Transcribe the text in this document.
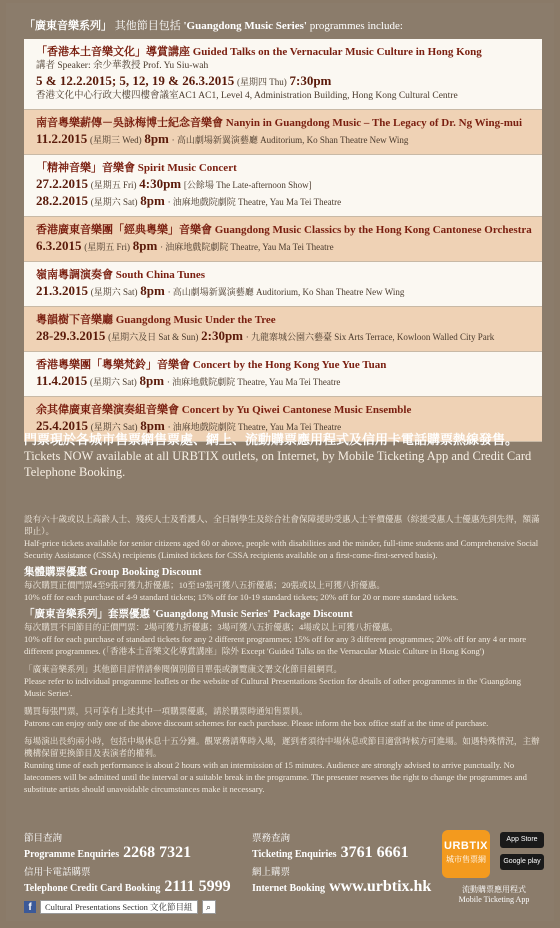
「廣東音樂系列」 其他節目包括 'Guangdong Music Series' programmes include:
「香港本土音樂文化」導賞講座 Guided Talks on the Vernacular Music Culture in Hong Kong
講者 Speaker: 余少華教授 Prof. Yu Siu-wah
5 & 12.2.2015; 5, 12, 19 & 26.3.2015 (星期四 Thu) 7:30pm
香港文化中心行政大樓四樓會議室AC1 AC1, Level 4, Administration Building, Hong Kong Cultural Centre
南音粵樂薪傳－吳詠梅博士紀念音樂會 Nanyin in Guangdong Music – The Legacy of Dr. Ng Wing-mui
11.2.2015 (星期三 Wed) 8pm · 高山劇場新翼演藝廳 Auditorium, Ko Shan Theatre New Wing
「精神音樂」音樂會 Spirit Music Concert
27.2.2015 (星期五 Fri) 4:30pm [公餘場 The Late-afternoon Show]
28.2.2015 (星期六 Sat) 8pm · 油麻地戲院劇院 Theatre, Yau Ma Tei Theatre
香港廣東音樂團「經典粵樂」音樂會 Guangdong Music Classics by the Hong Kong Cantonese Orchestra
6.3.2015 (星期五 Fri) 8pm · 油麻地戲院劇院 Theatre, Yau Ma Tei Theatre
嶺南粵調演奏會 South China Tunes
21.3.2015 (星期六 Sat) 8pm · 高山劇場新翼演藝廳 Auditorium, Ko Shan Theatre New Wing
粵韻樹下音樂廳 Guangdong Music Under the Tree
28-29.3.2015 (星期六及日 Sat & Sun) 2:30pm · 九龍寨城公園六藝臺 Six Arts Terrace, Kowloon Walled City Park
香港粵樂團「粵樂梵鈴」音樂會 Concert by the Hong Kong Yue Yue Tuan
11.4.2015 (星期六 Sat) 8pm · 油麻地戲院劇院 Theatre, Yau Ma Tei Theatre
余其偉廣東音樂演奏組音樂會 Concert by Yu Qiwei Cantonese Music Ensemble
25.4.2015 (星期六 Sat) 8pm · 油麻地戲院劇院 Theatre, Yau Ma Tei Theatre
門票現於各城市售票網售票處、網上、流動購票應用程式及信用卡電話購票熱線發售。
Tickets NOW available at all URBTIX outlets, on Internet, by Mobile Ticketing App and Credit Card Telephone Booking.

設有六十歲或以上高齡人士、殘疾人士及看護人、全日制學生及綜合社會保障援助受惠人士半價優惠（綜援受惠人士優惠先到先得，額滿即止）。
Half-price tickets available for senior citizens aged 60 or above, people with disabilities and the minder, full-time students and Comprehensive Social Security Assistance (CSSA) recipients (Limited tickets for CSSA recipients available on a first-come-first-served basis).

集體購票優惠 Group Booking Discount
每次購買正價門票4至9張可獲九折優惠；10至19張可獲八五折優惠；20張或以上可獲八折優惠。
10% off for each purchase of 4-9 standard tickets; 15% off for 10-19 standard tickets; 20% off for 20 or more standard tickets.

「廣東音樂系列」套票優惠 'Guangdong Music Series' Package Discount
每次購買不同節目的正價門票：2場可獲九折優惠；3場可獲八五折優惠；4場或以上可獲八折優惠。
10% off for each purchase of standard tickets for any 2 different programmes; 15% off for any 3 different programmes; 20% off for any 4 or more different programmes. (「香港本土音樂文化導賞講座」除外 Except 'Guided Talks on the Vernacular Music Culture in Hong Kong')

「廣東音樂系列」其他節目詳情請參閱個別節目單張或瀏覽康文署文化節目組網頁。
Please refer to individual programme leaflets or the website of Cultural Presentations Section for details of other programmes in the 'Guangdong Music Series'.

購買每張門票，只可享有上述其中一項購票優惠，請於購票時通知售票員。
Patrons can enjoy only one of the above discount schemes for each purchase. Please inform the box office staff at the time of purchase.

每場演出長約兩小時，包括中場休息十五分鐘。觀眾務請準時入場，遲到者須待中場休息或節目適當時候方可進場。如遇特殊情況，主辦機構保留更換節目及表演者的權利。
Running time of each performance is about 2 hours with an intermission of 15 minutes. Audience are strongly advised to arrive punctually. No latecomers will be admitted until the interval or a suitable break in the programme. The presenter reserves the right to change the programmes and substitute artists should unavoidable circumstances make it necessary.

節目查詢
Programme Enquiries 2268 7321
信用卡電話購票
Telephone Credit Card Booking 2111 5999
票務查詢
Ticketing Enquiries 3761 6661
網上購票
Internet Booking www.urbtix.hk
f	Cultural Presentations Section 文化節目組	⌕
URBTIX
城市售票網
App Store
Google play
流動購票應用程式
Mobile Ticketing App
